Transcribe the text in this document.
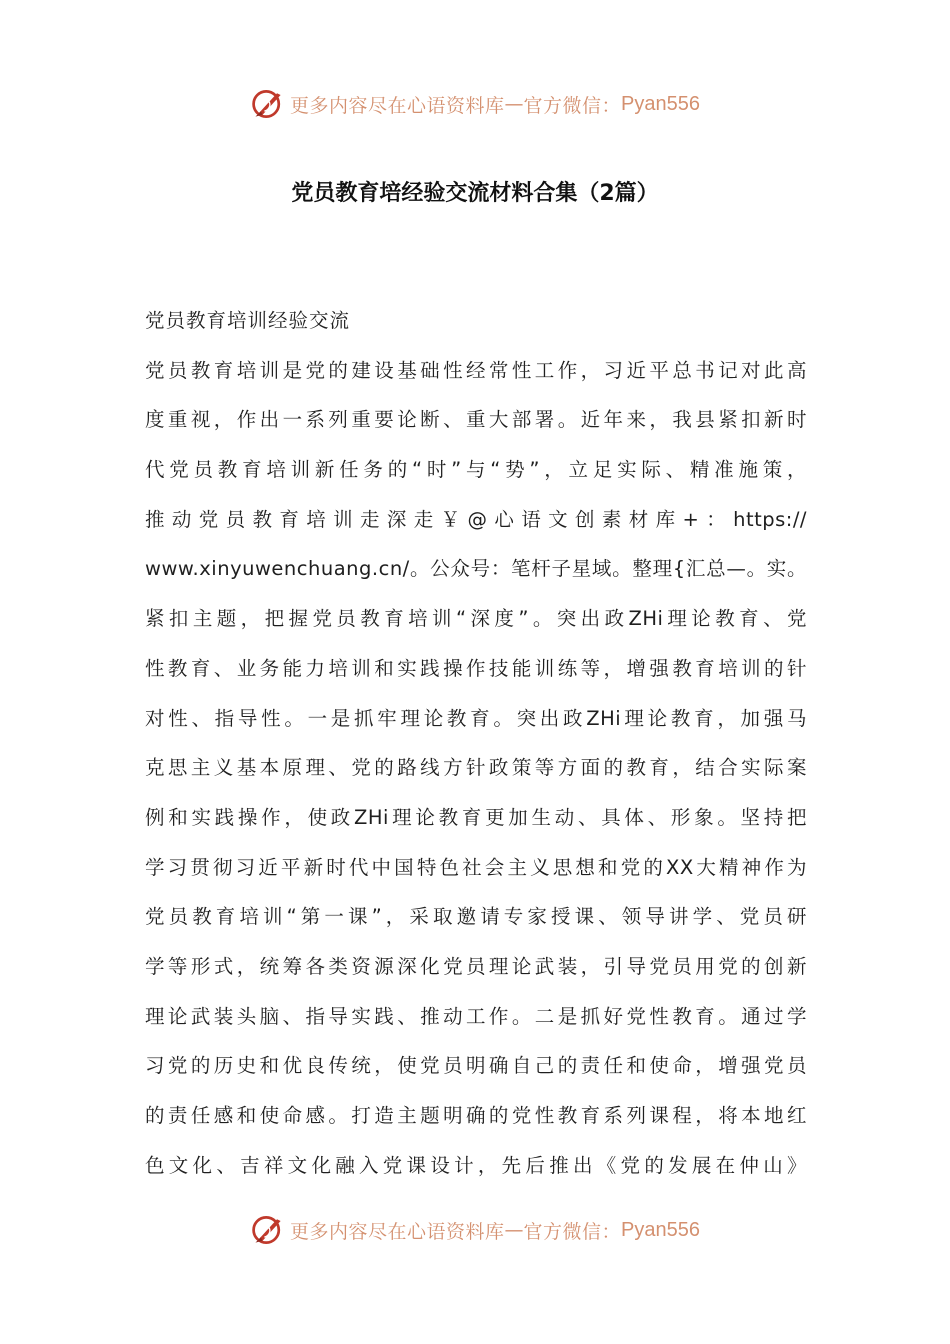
更多内容尽在心语资料库 — 官方微信： Pyan556
党员教育培经验交流材料合集（2篇）
党员教育培训经验交流
党员教育培训是党的建设基础性经常性工作，习近平总书记对此高
度重视，作出一系列重要论断、重大部署。近年来，我县紧扣新时
代党员教育培训新任务的“时”与“势”，立足实际、精准施策，
推动党员教育培训走深走￥@心语文创素材库+：https://
www.xinyuwenchuang.cn/。公众号：笔杆子星域。整理{汇总—。实。
紧扣主题，把握党员教育培训“深度”。突出政ZHi理论教育、党
性教育、业务能力培训和实践操作技能训练等，增强教育培训的针
对性、指导性。一是抓牢理论教育。突出政ZHi理论教育，加强马
克思主义基本原理、党的路线方针政策等方面的教育，结合实际案
例和实践操作，使政ZHi理论教育更加生动、具体、形象。坚持把
学习贯彻习近平新时代中国特色社会主义思想和党的XX大精神作为
党员教育培训“第一课”，采取邀请专家授课、领导讲学、党员研
学等形式，统筹各类资源深化党员理论武装，引导党员用党的创新
理论武装头脑、指导实践、推动工作。二是抓好党性教育。通过学
习党的历史和优良传统，使党员明确自己的责任和使命，增强党员
的责任感和使命感。打造主题明确的党性教育系列课程，将本地红
色文化、吉祥文化融入党课设计，先后推出《党的发展在仲山》
更多内容尽在心语资料库 — 官方微信： Pyan556
